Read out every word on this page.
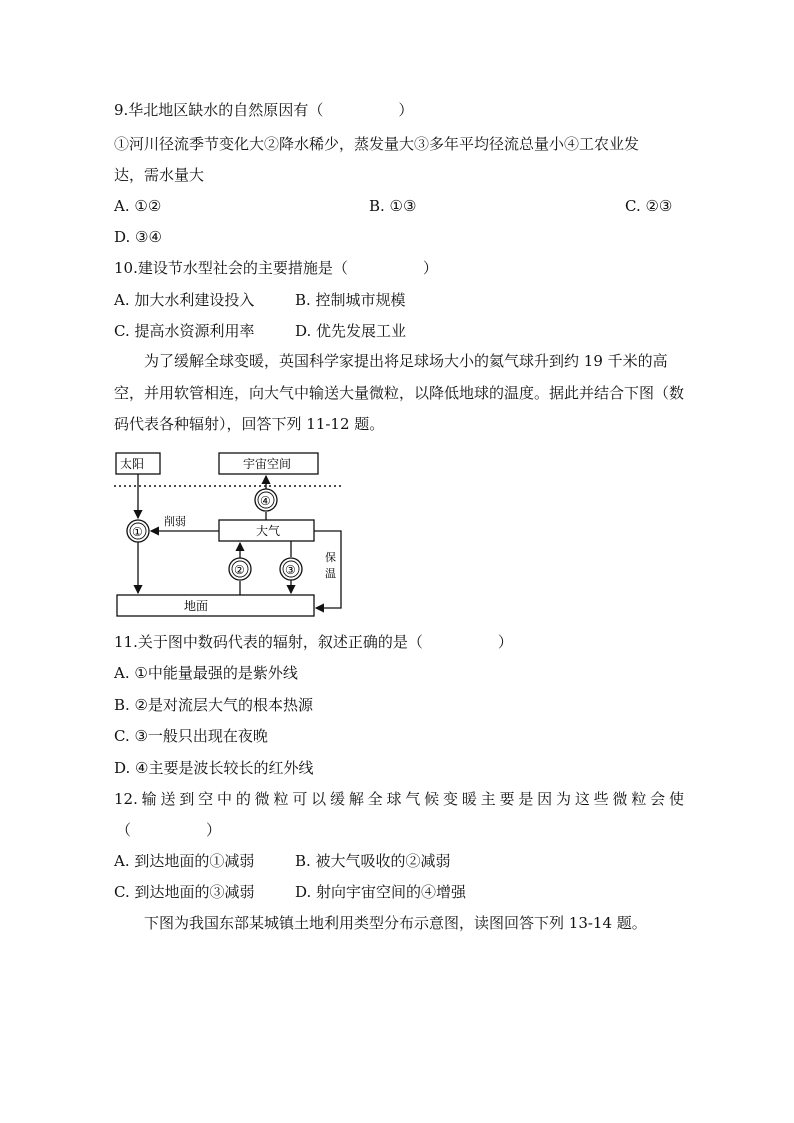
9.华北地区缺水的自然原因有（　　　　　）
①河川径流季节变化大②降水稀少，蒸发量大③多年平均径流总量小④工农业发
达，需水量大
A. ①②	B. ①③	C. ②③
D. ③④
10.建设节水型社会的主要措施是（　　　　　）
A. 加大水利建设投入	B. 控制城市规模
C. 提高水资源利用率	D. 优先发展工业
为了缓解全球变暖，英国科学家提出将足球场大小的氦气球升到约 19 千米的高空，并用软管相连，向大气中输送大量微粒，以降低地球的温度。据此并结合下图（数码代表各种辐射），回答下列 11-12 题。
太阳	宇宙空间
大气
地面
①
削弱
④
②	③
保
温
11.关于图中数码代表的辐射，叙述正确的是（　　　　　）
A. ①中能量最强的是紫外线
B. ②是对流层大气的根本热源
C. ③一般只出现在夜晚
D. ④主要是波长较长的红外线
12.输送到空中的微粒可以缓解全球气候变暖主要是因为这些微粒会使
（　　　　　）
A. 到达地面的①减弱	B. 被大气吸收的②减弱
C. 到达地面的③减弱	D. 射向宇宙空间的④增强
下图为我国东部某城镇土地利用类型分布示意图，读图回答下列 13-14 题。
